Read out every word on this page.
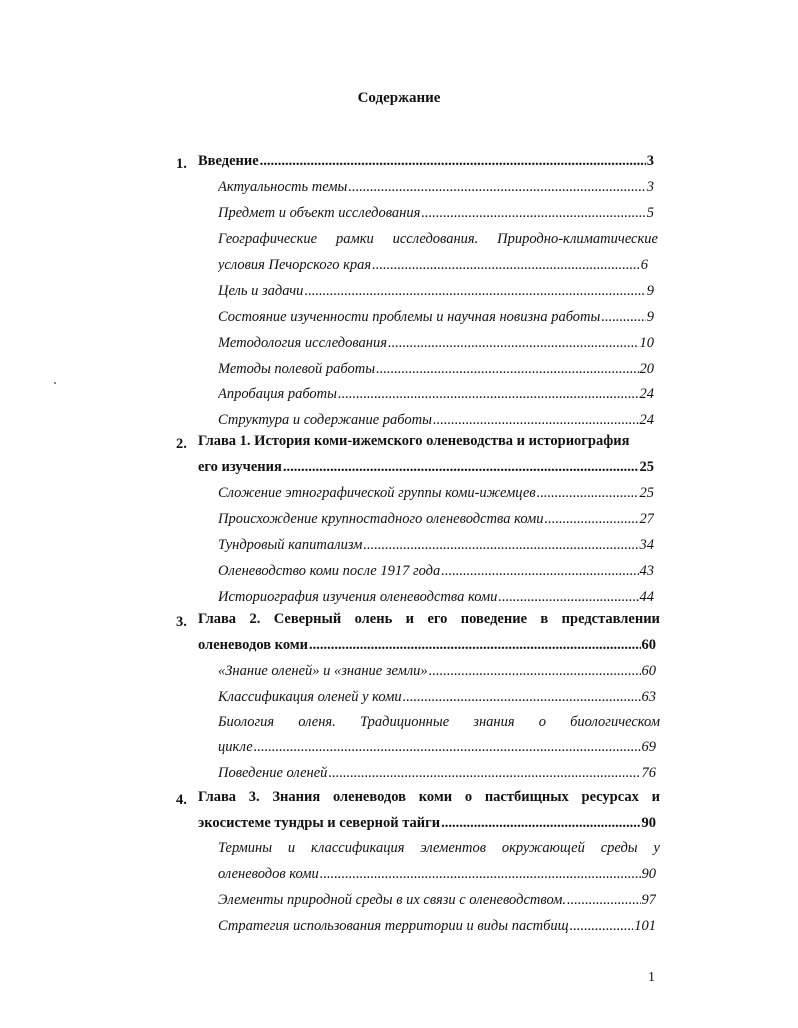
Содержание
1. Введение .....	3
Актуальность темы .....	3
Предмет и объект исследования .....	5
Географические рамки исследования. Природно-климатические
условия Печорского края .....	6
Цель и задачи .....	9
Состояние изученности проблемы и научная новизна работы .....	9
Методология исследования .....	10
Методы полевой работы .....	20
Апробация работы .....	24
Структура и содержание работы .....	24
2. Глава 1. История коми-ижемского оленеводства и историография
его изучения .....	25
Сложение этнографической группы коми-ижемцев .....	25
Происхождение крупностадного оленеводства коми .....	27
Тундровый капитализм .....	34
Оленеводство коми после 1917 года .....	43
Историография изучения оленеводства коми .....	44
3. Глава 2. Северный олень и его поведение в представлении
оленеводов коми .....	60
«Знание оленей» и «знание земли» .....	60
Классификация оленей у коми .....	63
Биология оленя. Традиционные знания о биологическом
цикле .....	69
Поведение оленей .....	76
4. Глава 3. Знания оленеводов коми о пастбищных ресурсах и
экосистеме тундры и северной тайги .....	90
Термины и классификация элементов окружающей среды у
оленеводов коми .....	90
Элементы природной среды в их связи с оленеводством. .....	97
Стратегия использования территории и виды пастбищ .....	101
1
